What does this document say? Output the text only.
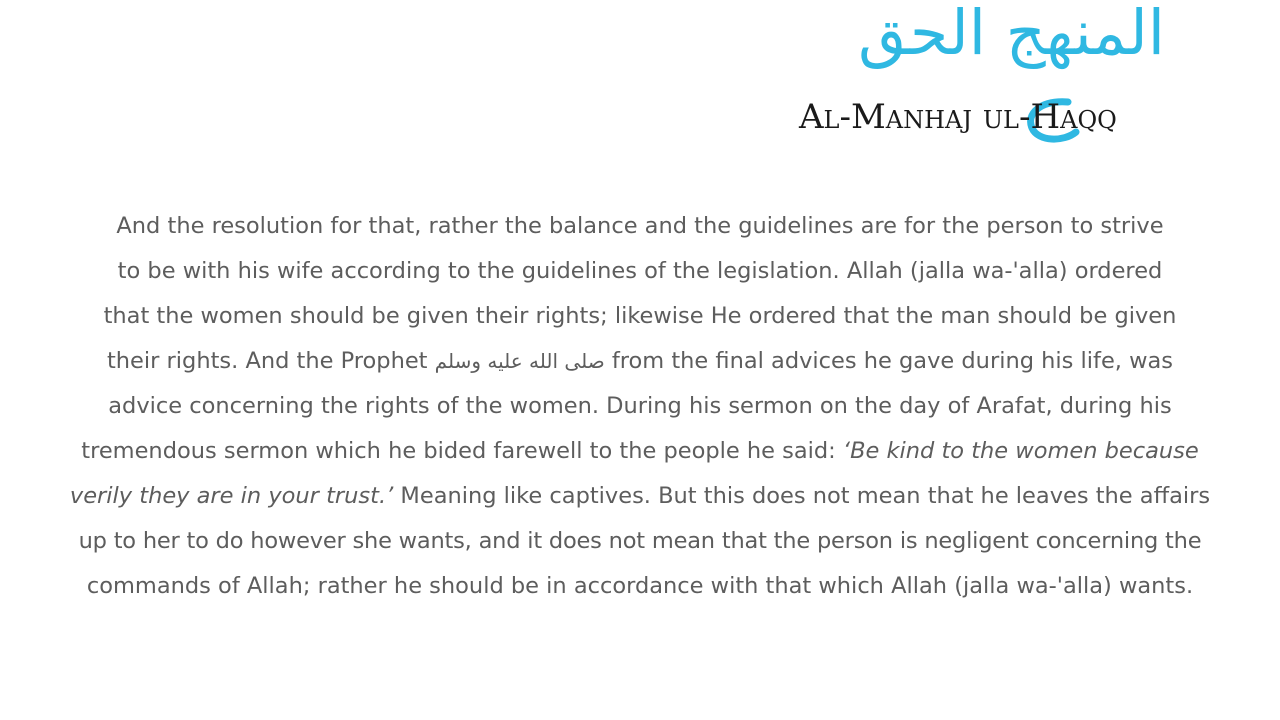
المنهج الحق
Al-Manhaj ul-Haqq
And the resolution for that, rather the balance and the guidelines are for the person to strive
to be with his wife according to the guidelines of the legislation. Allah (jalla wa-'alla) ordered
that the women should be given their rights; likewise He ordered that the man should be given
their rights. And the Prophet صلى الله عليه وسلم from the final advices he gave during his life, was
advice concerning the rights of the women. During his sermon on the day of Arafat, during his
tremendous sermon which he bided farewell to the people he said: ‘Be kind to the women because
verily they are in your trust.’ Meaning like captives. But this does not mean that he leaves the affairs
up to her to do however she wants, and it does not mean that the person is negligent concerning the
commands of Allah; rather he should be in accordance with that which Allah (jalla wa-'alla) wants.
